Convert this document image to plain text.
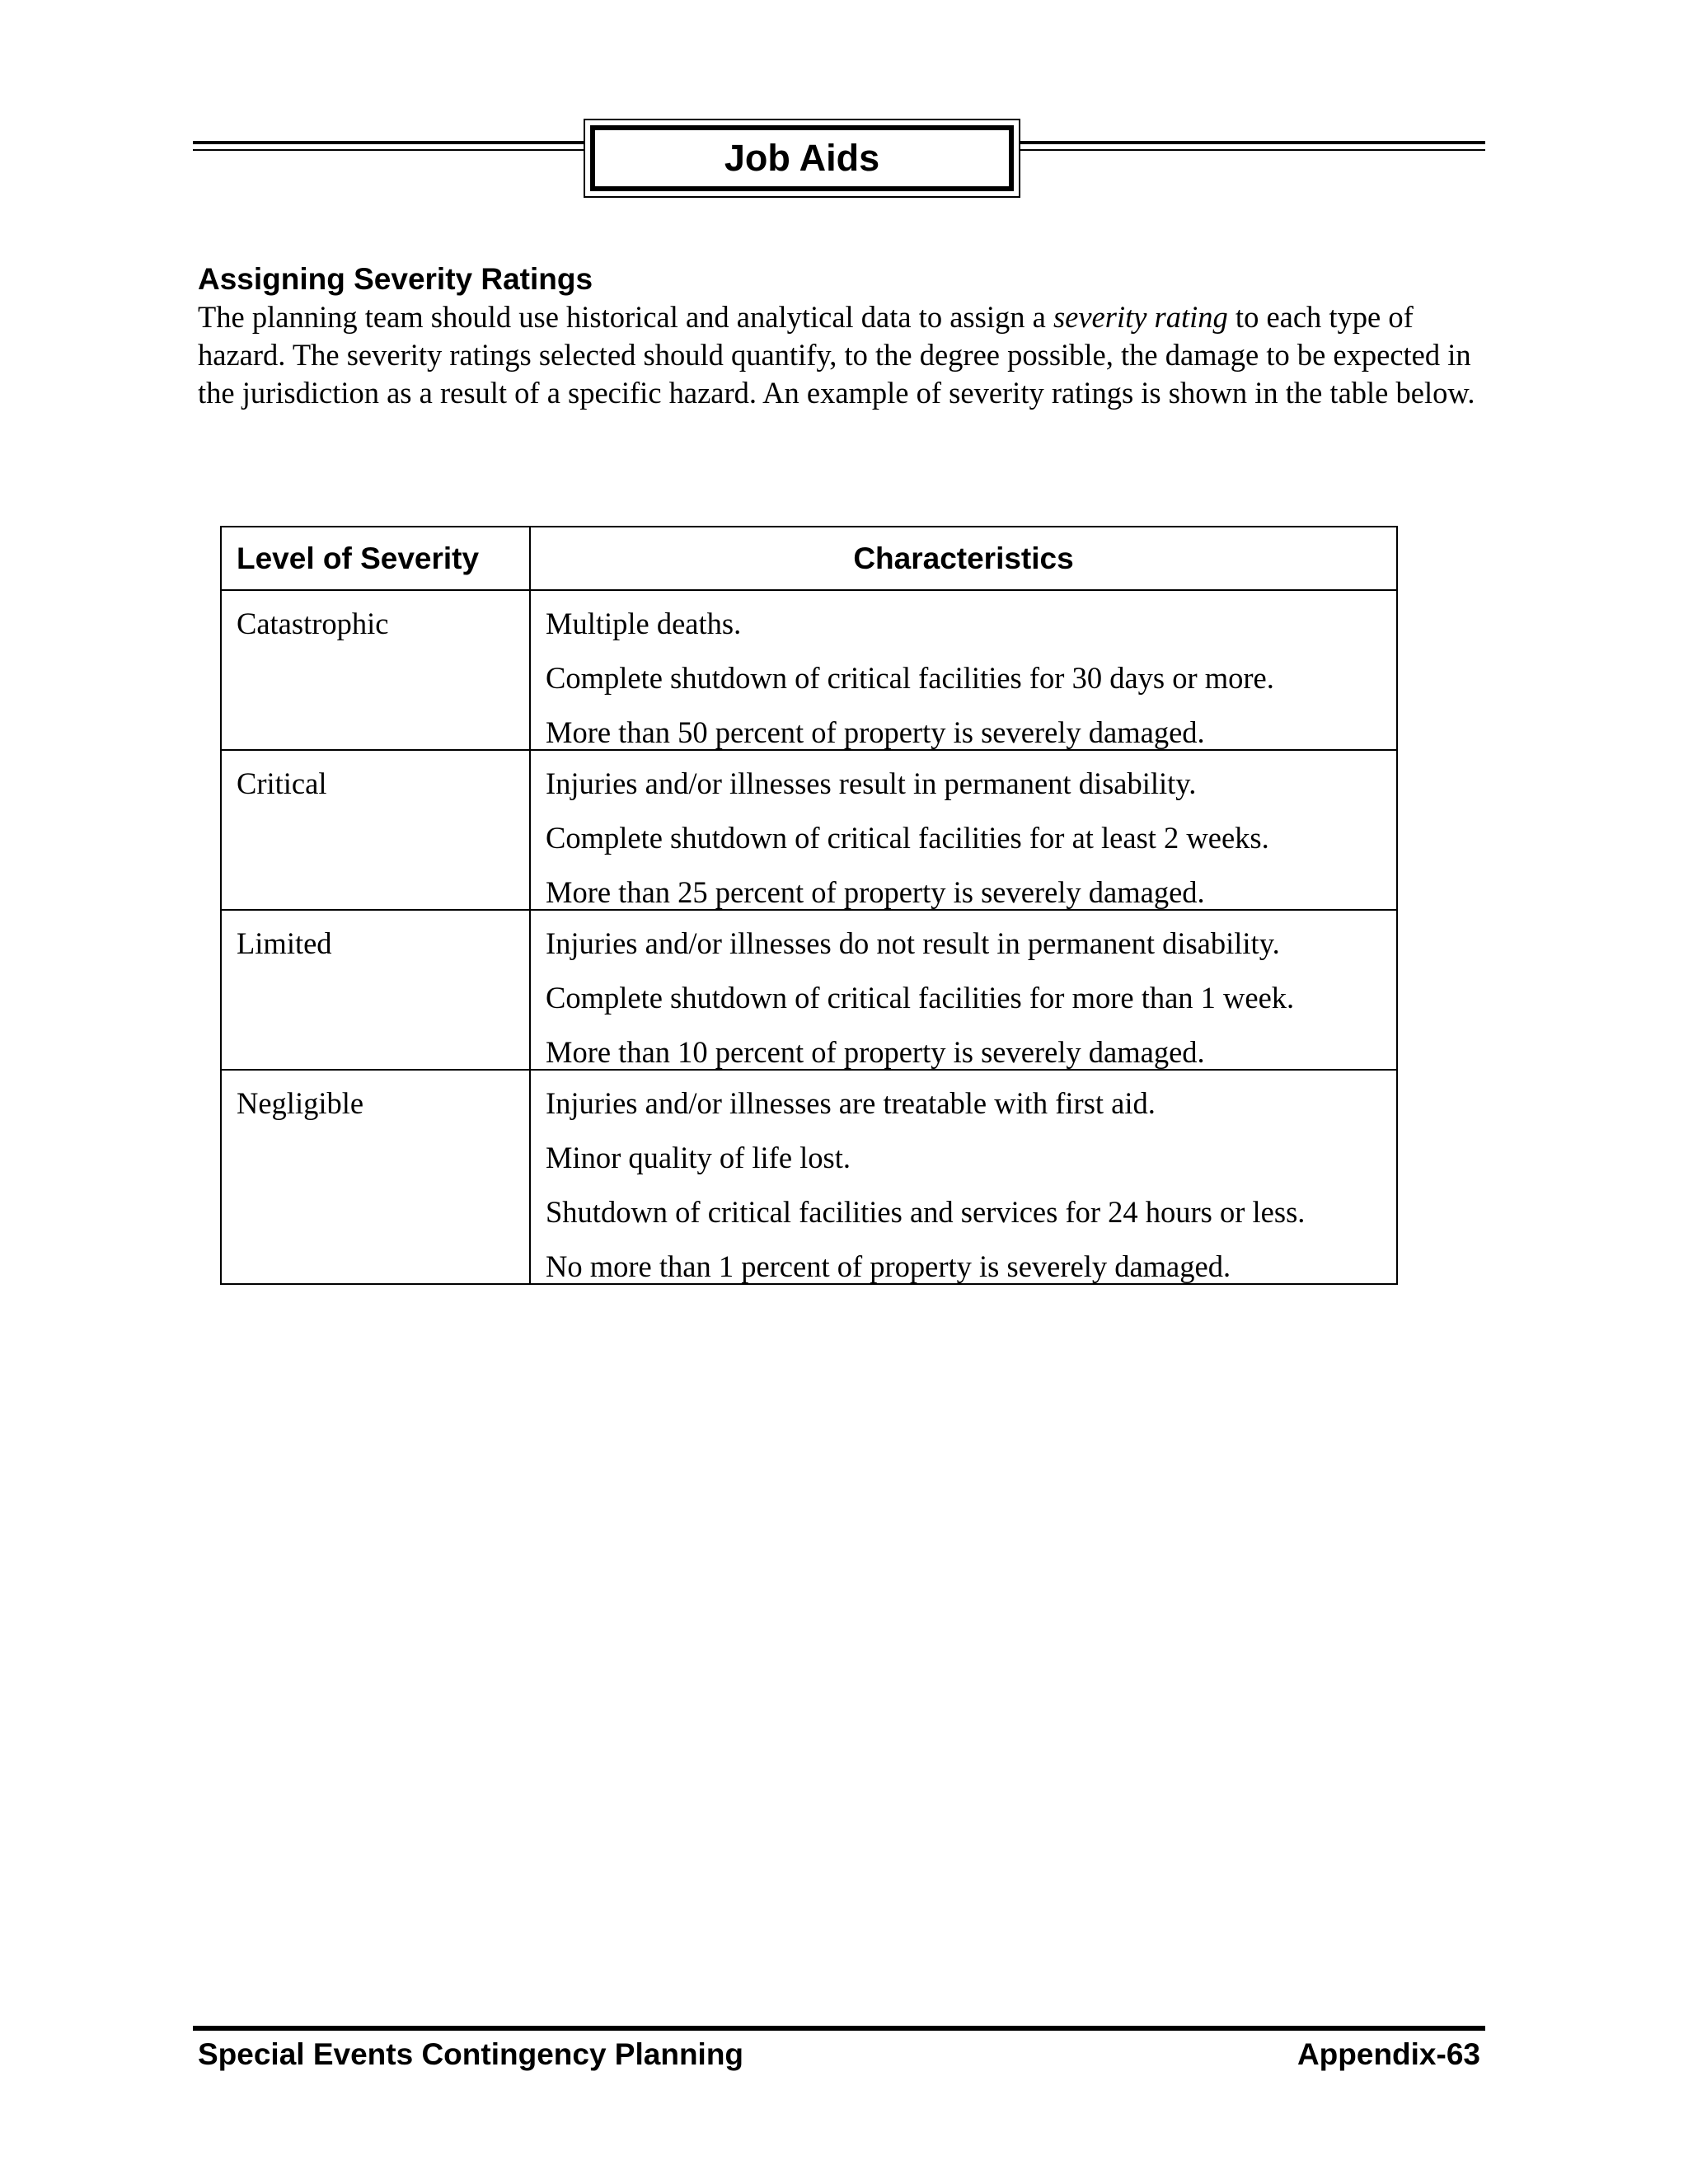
Job Aids
Assigning Severity Ratings

The planning team should use historical and analytical data to assign a severity rating to each type of hazard. The severity ratings selected should quantify, to the degree possible, the damage to be expected in the jurisdiction as a result of a specific hazard. An example of severity ratings is shown in the table below.

Level of Severity	Characteristics
Catastrophic	Multiple deaths.
Complete shutdown of critical facilities for 30 days or more.
More than 50 percent of property is severely damaged.

Critical	Injuries and/or illnesses result in permanent disability.
Complete shutdown of critical facilities for at least 2 weeks.
More than 25 percent of property is severely damaged.

Limited	Injuries and/or illnesses do not result in permanent disability.
Complete shutdown of critical facilities for more than 1 week.
More than 10 percent of property is severely damaged.

Negligible	Injuries and/or illnesses are treatable with first aid.
Minor quality of life lost.
Shutdown of critical facilities and services for 24 hours or less.
No more than 1 percent of property is severely damaged.
Special Events Contingency Planning	Appendix-63
